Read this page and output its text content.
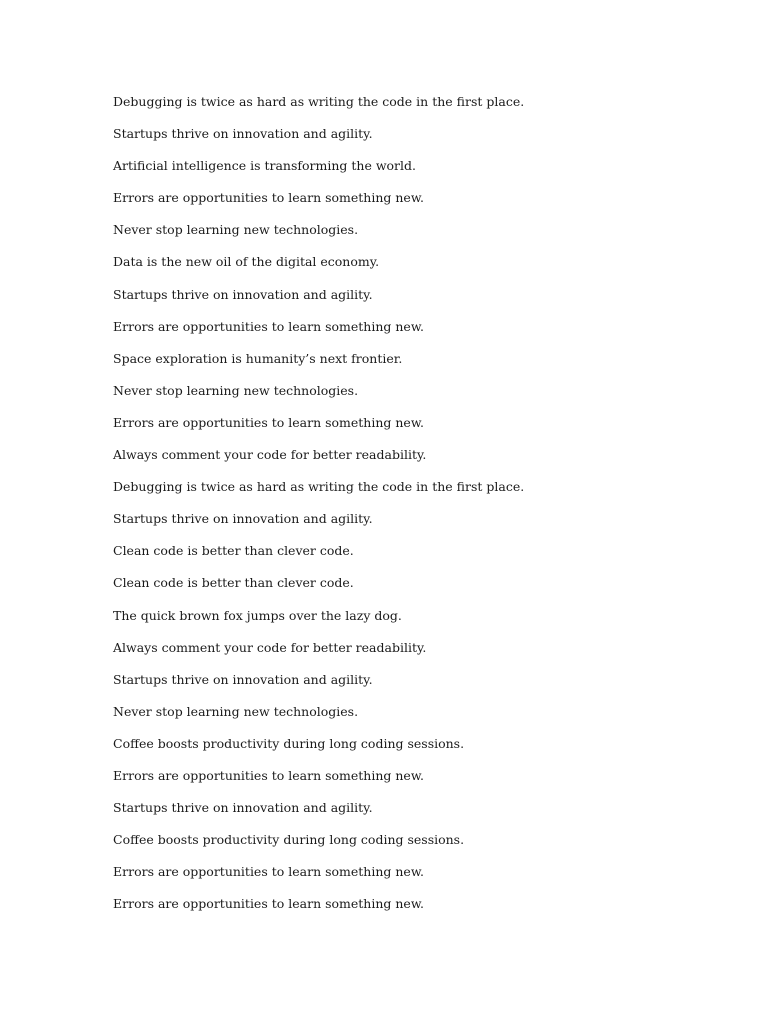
Debugging is twice as hard as writing the code in the first place.
Startups thrive on innovation and agility.
Artificial intelligence is transforming the world.
Errors are opportunities to learn something new.
Never stop learning new technologies.
Data is the new oil of the digital economy.
Startups thrive on innovation and agility.
Errors are opportunities to learn something new.
Space exploration is humanity’s next frontier.
Never stop learning new technologies.
Errors are opportunities to learn something new.
Always comment your code for better readability.
Debugging is twice as hard as writing the code in the first place.
Startups thrive on innovation and agility.
Clean code is better than clever code.
Clean code is better than clever code.
The quick brown fox jumps over the lazy dog.
Always comment your code for better readability.
Startups thrive on innovation and agility.
Never stop learning new technologies.
Coffee boosts productivity during long coding sessions.
Errors are opportunities to learn something new.
Startups thrive on innovation and agility.
Coffee boosts productivity during long coding sessions.
Errors are opportunities to learn something new.
Errors are opportunities to learn something new.
